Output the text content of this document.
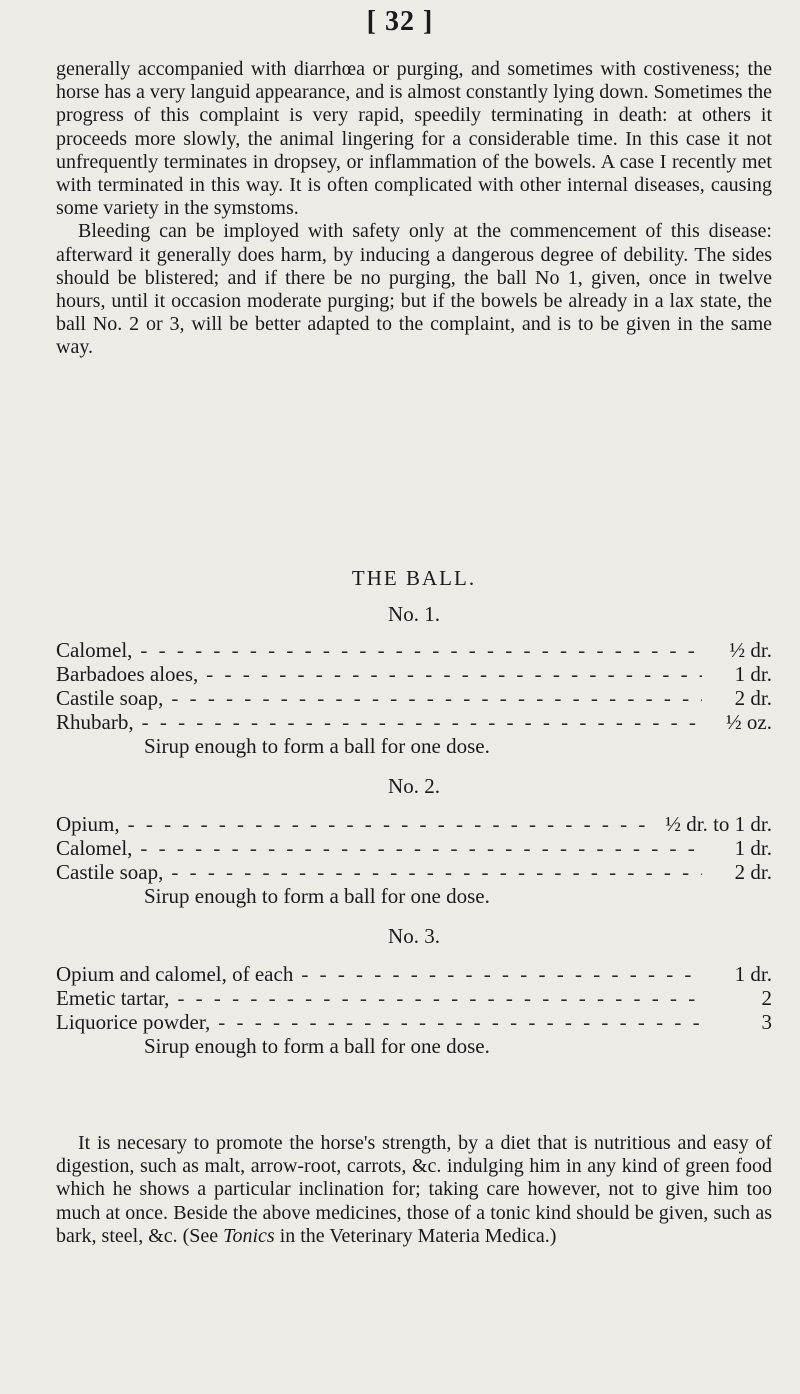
[ 32 ]

generally accompanied with diarrhœa or purging, and sometimes with costiveness; the horse has a very languid appearance, and is almost constantly lying down. Sometimes the progress of this complaint is very rapid, speedily terminating in death: at others it proceeds more slowly, the animal lingering for a considerable time. In this case it not unfrequently terminates in dropsey, or inflammation of the bowels. A case I recently met with terminated in this way. It is often complicated with other internal diseases, causing some variety in the symstoms.

Bleeding can be imployed with safety only at the commencement of this disease: afterward it generally does harm, by inducing a dangerous degree of debility. The sides should be blistered; and if there be no purging, the ball No 1, given, once in twelve hours, until it occasion moderate purging; but if the bowels be already in a lax state, the ball No. 2 or 3, will be better adapted to the complaint, and is to be given in the same way.

THE BALL.

No. 1.

Calomel, - - -	½ dr.
Barbadoes aloes, - - -	1 dr.
Castile soap, - - -	2 dr.
Rhubarb, - - -	½ oz.

Sirup enough to form a ball for one dose.

No. 2.

Opium, - - -	½ dr. to 1 dr.
Calomel, - - -	1 dr.
Castile soap, - - -	2 dr.

Sirup enough to form a ball for one dose.

No. 3.

Opium and calomel, of each - - -	1 dr.
Emetic tartar, - - -	2
Liquorice powder, - - -	3

Sirup enough to form a ball for one dose.

It is necesary to promote the horse's strength, by a diet that is nutritious and easy of digestion, such as malt, arrow-root, carrots, &c. indulging him in any kind of green food which he shows a particular inclination for; taking care however, not to give him too much at once. Beside the above medicines, those of a tonic kind should be given, such as bark, steel, &c. (See Tonics in the Veterinary Materia Medica.)
